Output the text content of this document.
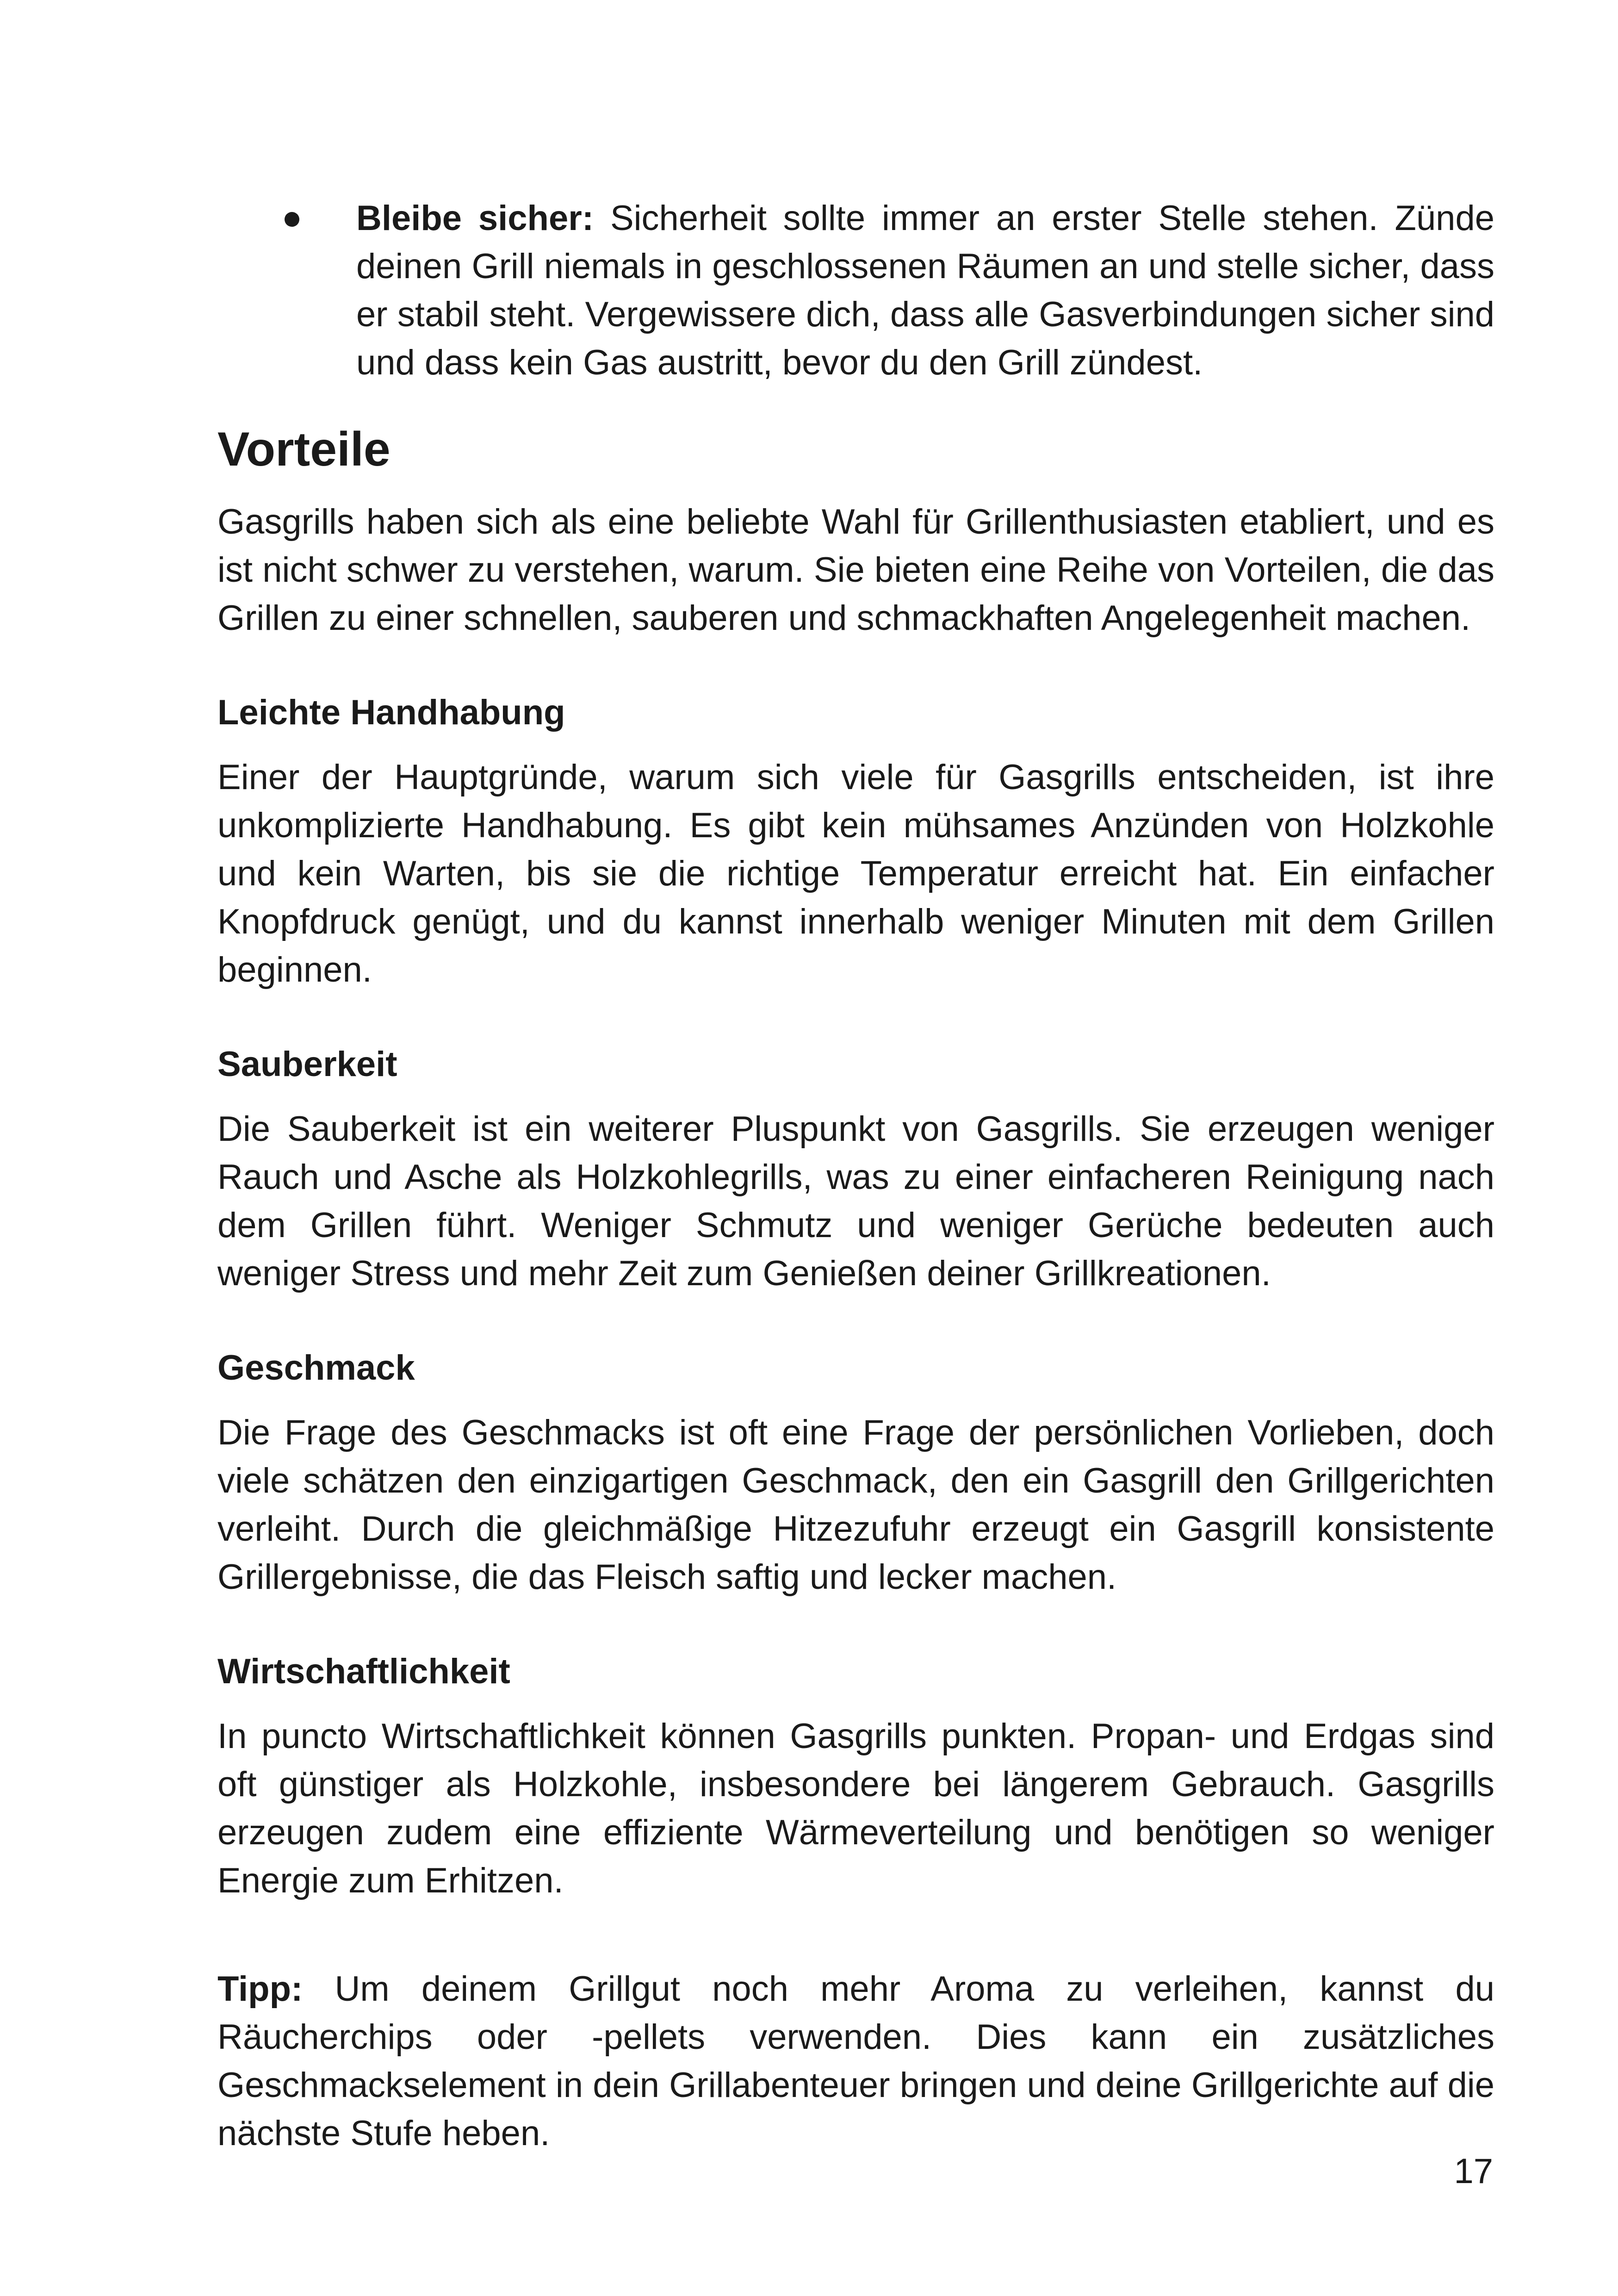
Bleibe sicher: Sicherheit sollte immer an erster Stelle stehen. Zünde deinen Grill niemals in geschlossenen Räumen an und stelle sicher, dass er stabil steht. Vergewissere dich, dass alle Gasverbindungen sicher sind und dass kein Gas austritt, bevor du den Grill zündest.

Vorteile

Gasgrills haben sich als eine beliebte Wahl für Grillenthusiasten etabliert, und es ist nicht schwer zu verstehen, warum. Sie bieten eine Reihe von Vorteilen, die das Grillen zu einer schnellen, sauberen und schmackhaften Angelegenheit machen.

Leichte Handhabung

Einer der Hauptgründe, warum sich viele für Gasgrills entscheiden, ist ihre unkomplizierte Handhabung. Es gibt kein mühsames Anzünden von Holzkohle und kein Warten, bis sie die richtige Temperatur erreicht hat. Ein einfacher Knopfdruck genügt, und du kannst innerhalb weniger Minuten mit dem Grillen beginnen.

Sauberkeit

Die Sauberkeit ist ein weiterer Pluspunkt von Gasgrills. Sie erzeugen weniger Rauch und Asche als Holzkohlegrills, was zu einer einfacheren Reinigung nach dem Grillen führt. Weniger Schmutz und weniger Gerüche bedeuten auch weniger Stress und mehr Zeit zum Genießen deiner Grillkreationen.

Geschmack

Die Frage des Geschmacks ist oft eine Frage der persönlichen Vorlieben, doch viele schätzen den einzigartigen Geschmack, den ein Gasgrill den Grillgerichten verleiht. Durch die gleichmäßige Hitzezufuhr erzeugt ein Gasgrill konsistente Grillergebnisse, die das Fleisch saftig und lecker machen.

Wirtschaftlichkeit

In puncto Wirtschaftlichkeit können Gasgrills punkten. Propan- und Erdgas sind oft günstiger als Holzkohle, insbesondere bei längerem Gebrauch. Gasgrills erzeugen zudem eine effiziente Wärmeverteilung und benötigen so weniger Energie zum Erhitzen.

Tipp: Um deinem Grillgut noch mehr Aroma zu verleihen, kannst du Räucherchips oder -pellets verwenden. Dies kann ein zusätzliches Geschmackselement in dein Grillabenteuer bringen und deine Grillgerichte auf die nächste Stufe heben.

17
